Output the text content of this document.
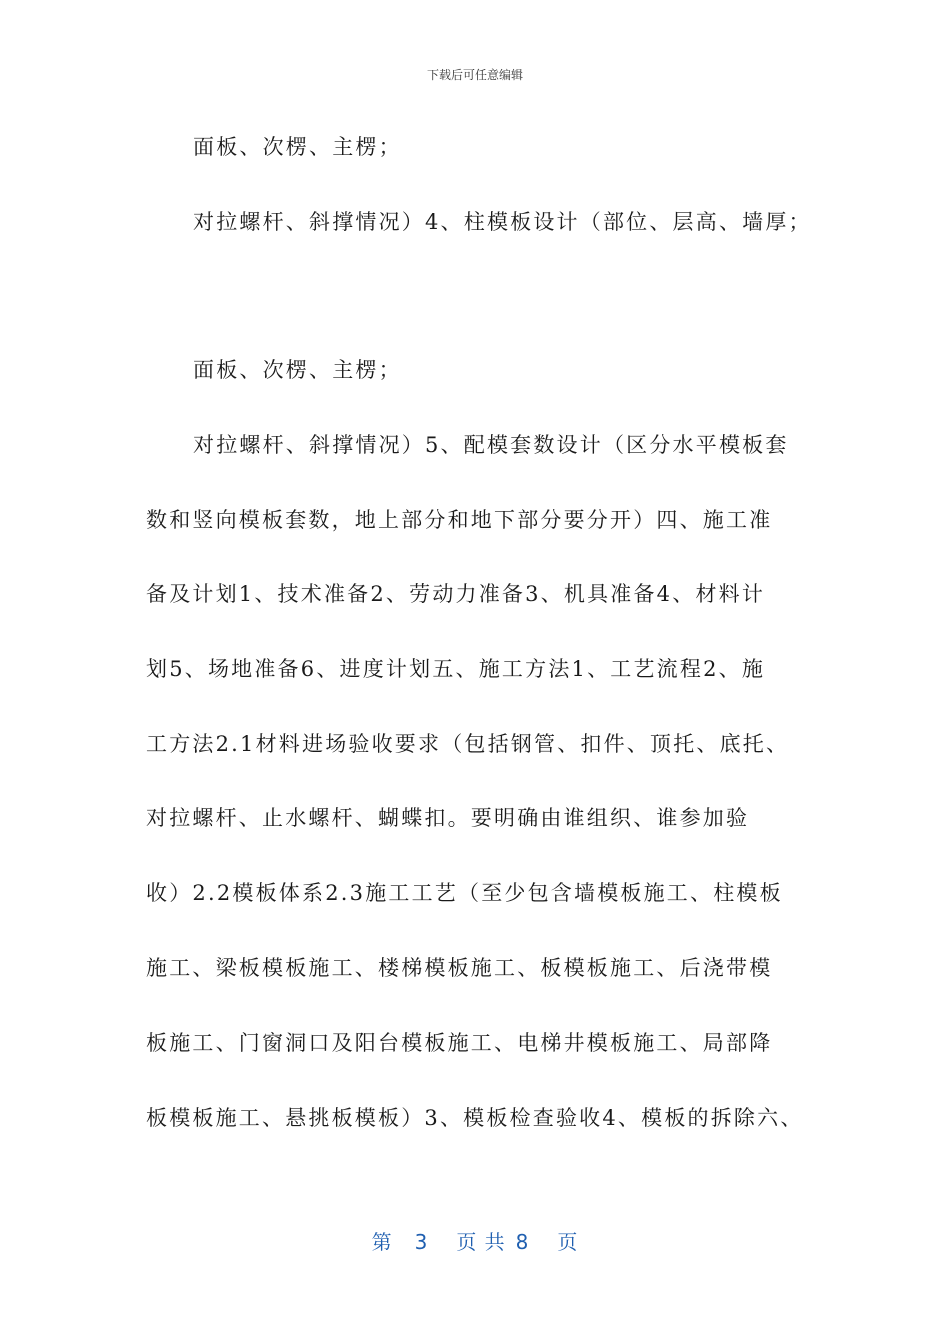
下载后可任意编辑
面板、次楞、主楞；
对拉螺杆、斜撑情况）4、柱模板设计（部位、层高、墙厚；
面板、次楞、主楞；
对拉螺杆、斜撑情况）5、配模套数设计（区分水平模板套
数和竖向模板套数，地上部分和地下部分要分开）四、施工准
备及计划1、技术准备2、劳动力准备3、机具准备4、材料计
划5、场地准备6、进度计划五、施工方法1、工艺流程2、施
工方法2.1材料进场验收要求（包括钢管、扣件、顶托、底托、
对拉螺杆、止水螺杆、蝴蝶扣。要明确由谁组织、谁参加验
收）2.2模板体系2.3施工工艺（至少包含墙模板施工、柱模板
施工、梁板模板施工、楼梯模板施工、板模板施工、后浇带模
板施工、门窗洞口及阳台模板施工、电梯井模板施工、局部降
板模板施工、悬挑板模板）3、模板检查验收4、模板的拆除六、
第 3 页 共 8 页
